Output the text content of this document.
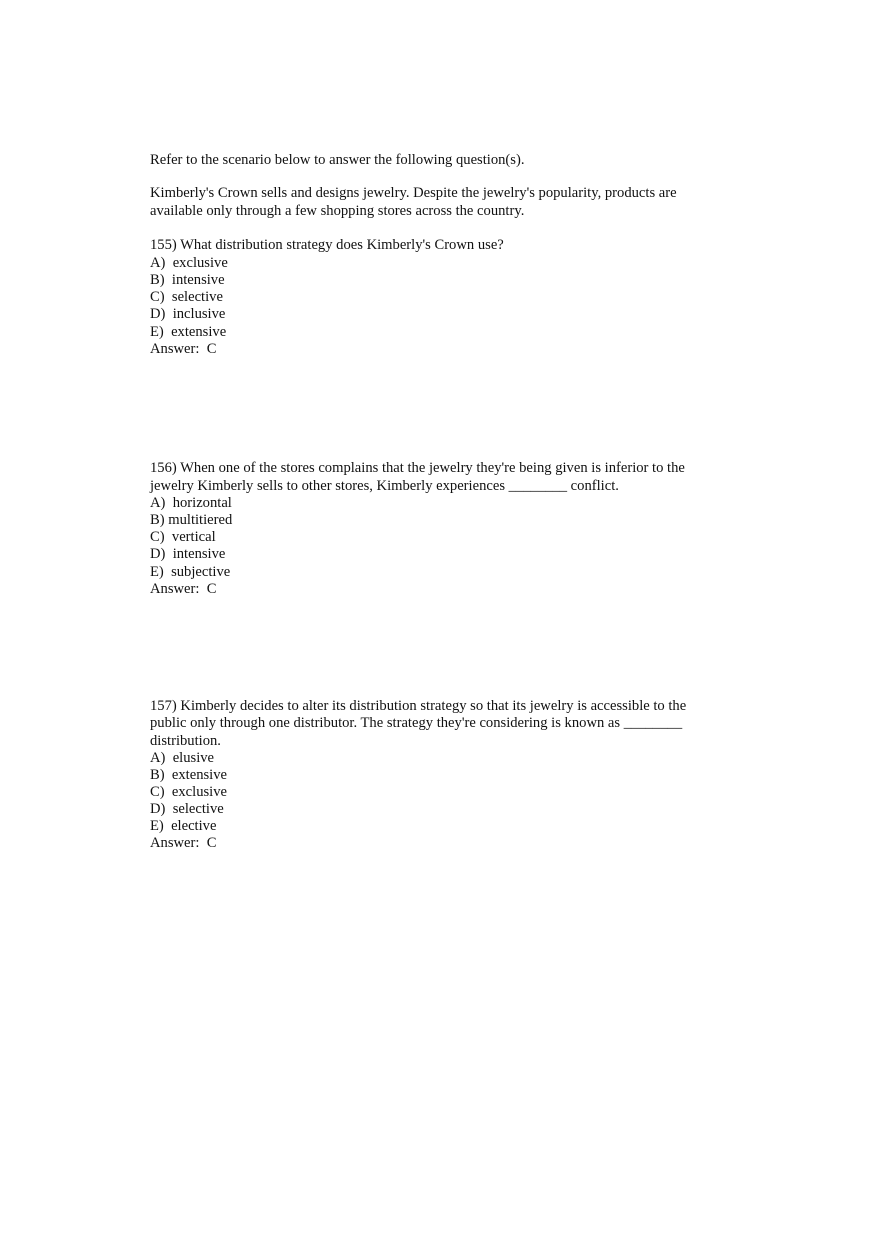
Refer to the scenario below to answer the following question(s).
Kimberly's Crown sells and designs jewelry. Despite the jewelry's popularity, products are
available only through a few shopping stores across the country.
155) What distribution strategy does Kimberly's Crown use?
A)  exclusive
B)  intensive
C)  selective
D)  inclusive
E)  extensive
Answer:  C
156) When one of the stores complains that the jewelry they're being given is inferior to the
jewelry Kimberly sells to other stores, Kimberly experiences ________ conflict.
A)  horizontal
B) multitiered
C)  vertical
D)  intensive
E)  subjective
Answer:  C
157) Kimberly decides to alter its distribution strategy so that its jewelry is accessible to the
public only through one distributor. The strategy they're considering is known as ________
distribution.
A)  elusive
B)  extensive
C)  exclusive
D)  selective
E)  elective
Answer:  C
